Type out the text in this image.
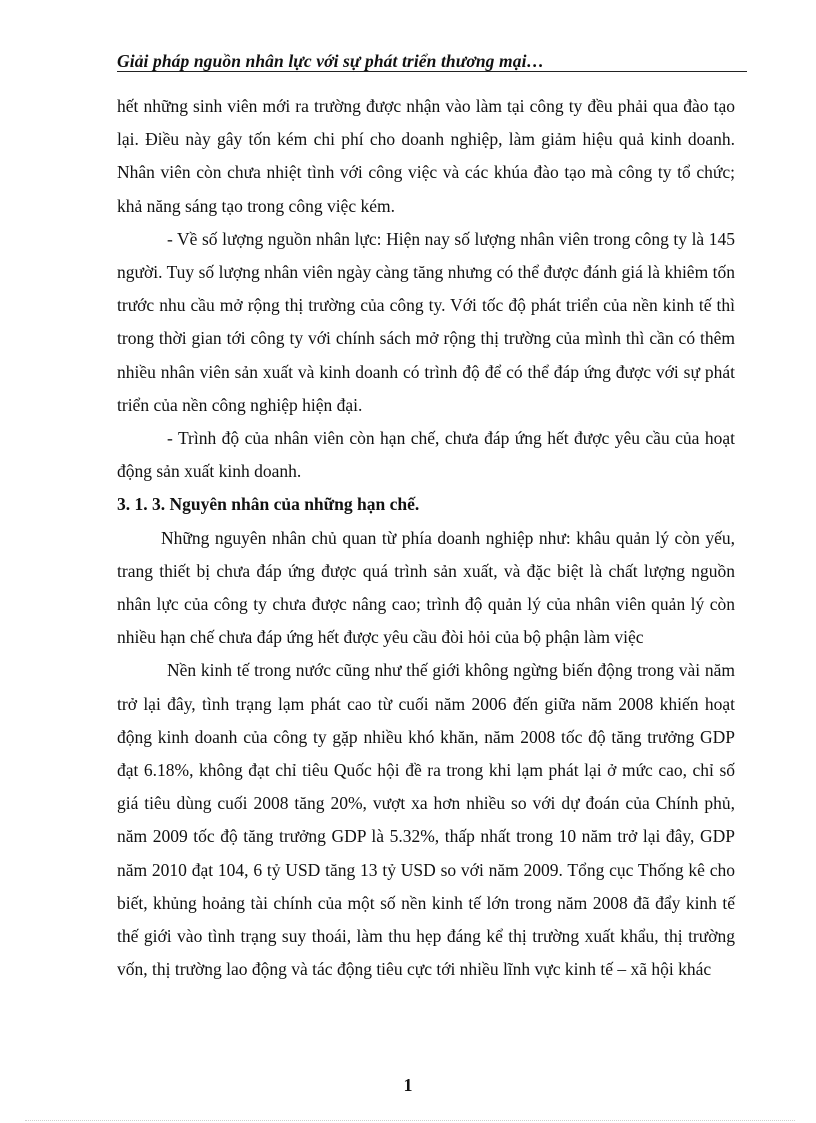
Giải pháp nguồn nhân lực với sự phát triển thương mại…

hết những sinh viên mới ra trường được nhận vào làm tại công ty đều phải qua đào tạo lại. Điều này gây tốn kém chi phí cho doanh nghiệp, làm giảm hiệu quả kinh doanh. Nhân viên còn chưa nhiệt tình với công việc và các khúa đào tạo mà công ty tổ chức; khả năng sáng tạo trong công việc kém.

- Về số lượng nguồn nhân lực: Hiện nay số lượng nhân viên trong công ty là 145 người. Tuy số lượng nhân viên ngày càng tăng nhưng có thể được đánh giá là khiêm tốn trước nhu cầu mở rộng thị trường của công ty. Với tốc độ phát triển của nền kinh tế thì trong thời gian tới công ty với chính sách mở rộng thị trường của mình thì cần có thêm nhiều nhân viên sản xuất và kinh doanh có trình độ để có thể đáp ứng được với sự phát triển của nền công nghiệp hiện đại.

- Trình độ của nhân viên còn hạn chế, chưa đáp ứng hết được yêu cầu của hoạt động sản xuất kinh doanh.

3. 1. 3. Nguyên nhân của những hạn chế.

Những nguyên nhân chủ quan từ phía doanh nghiệp như: khâu quản lý còn yếu, trang thiết bị chưa đáp ứng được quá trình sản xuất, và đặc biệt là chất lượng nguồn nhân lực của công ty chưa được nâng cao; trình độ quản lý của nhân viên quản lý còn nhiều hạn chế chưa đáp ứng hết được yêu cầu đòi hỏi của bộ phận làm việc

Nền kinh tế trong nước cũng như thế giới không ngừng biến động trong vài năm trở lại đây, tình trạng lạm phát cao từ cuối năm 2006 đến giữa năm 2008 khiến hoạt động kinh doanh của công ty gặp nhiều khó khăn, năm 2008 tốc độ tăng trưởng GDP đạt 6.18%, không đạt chỉ tiêu Quốc hội đề ra trong khi lạm phát lại ở mức cao, chỉ số giá tiêu dùng cuối 2008 tăng 20%, vượt xa hơn nhiều so với dự đoán của Chính phủ, năm 2009 tốc độ tăng trưởng GDP là 5.32%, thấp nhất trong 10 năm trở lại đây, GDP năm 2010 đạt 104, 6 tỷ USD tăng 13 tỷ USD so với năm 2009. Tổng cục Thống kê cho biết, khủng hoảng tài chính của một số nền kinh tế lớn trong năm 2008 đã đẩy kinh tế thế giới vào tình trạng suy thoái, làm thu hẹp đáng kể thị trường xuất khẩu, thị trường vốn, thị trường lao động và tác động tiêu cực tới nhiều lĩnh vực kinh tế – xã hội khác

1
